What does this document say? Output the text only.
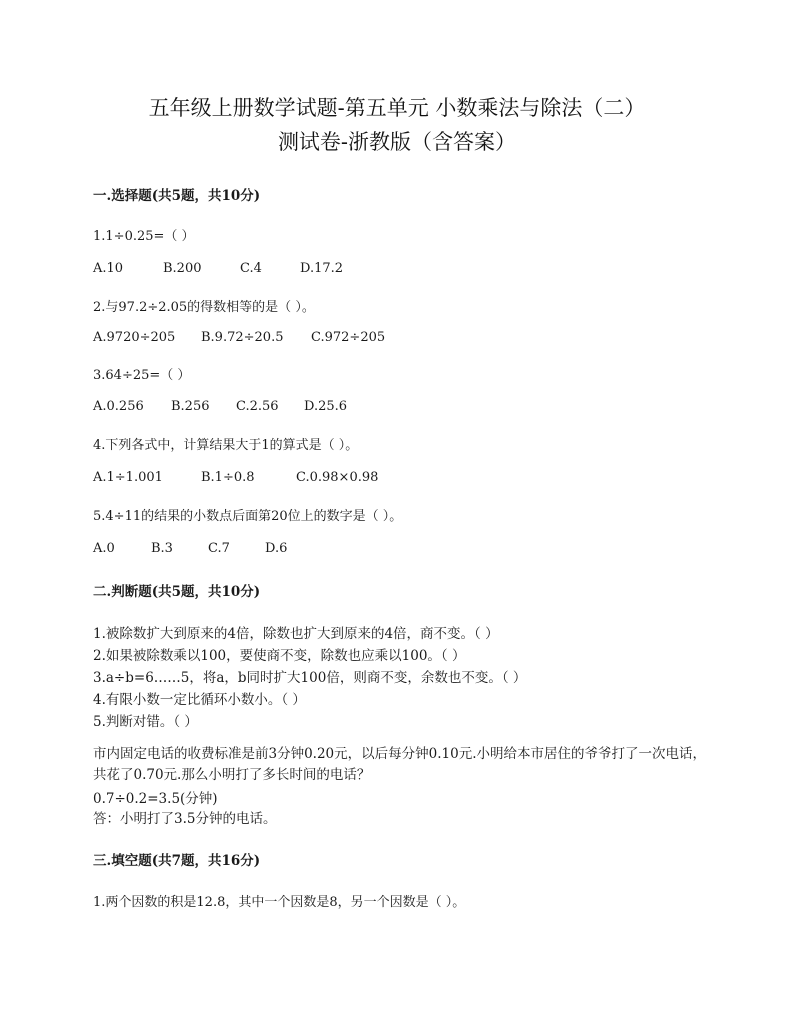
五年级上册数学试题-第五单元 小数乘法与除法（二）
测试卷-浙教版（含答案）
一.选择题(共5题，共10分)
1.1÷0.25=（ ）
A.10	B.200	C.4	D.17.2
2.与97.2÷2.05的得数相等的是（ ）。
A.9720÷205 B.9.72÷20.5 C.972÷205
3.64÷25=（ ）
A.0.256 B.256 C.2.56 D.25.6
4.下列各式中，计算结果大于1的算式是（ ）。
A.1÷1.001	B.1÷0.8	C.0.98×0.98
5.4÷11的结果的小数点后面第20位上的数字是（ ）。
A.0	B.3	C.7	D.6
二.判断题(共5题，共10分)
1.被除数扩大到原来的4倍，除数也扩大到原来的4倍，商不变。（ ）
2.如果被除数乘以100，要使商不变，除数也应乘以100。（ ）
3.a÷b=6……5，将a，b同时扩大100倍，则商不变，余数也不变。（ ）
4.有限小数一定比循环小数小。（ ）
5.判断对错。（ ）
市内固定电话的收费标准是前3分钟0.20元，以后每分钟0.10元.小明给本市居住的爷爷打了一次电话，共花了0.70元.那么小明打了多长时间的电话？
0.7÷0.2=3.5(分钟)
答：小明打了3.5分钟的电话。
三.填空题(共7题，共16分)
1.两个因数的积是12.8，其中一个因数是8，另一个因数是（ ）。
